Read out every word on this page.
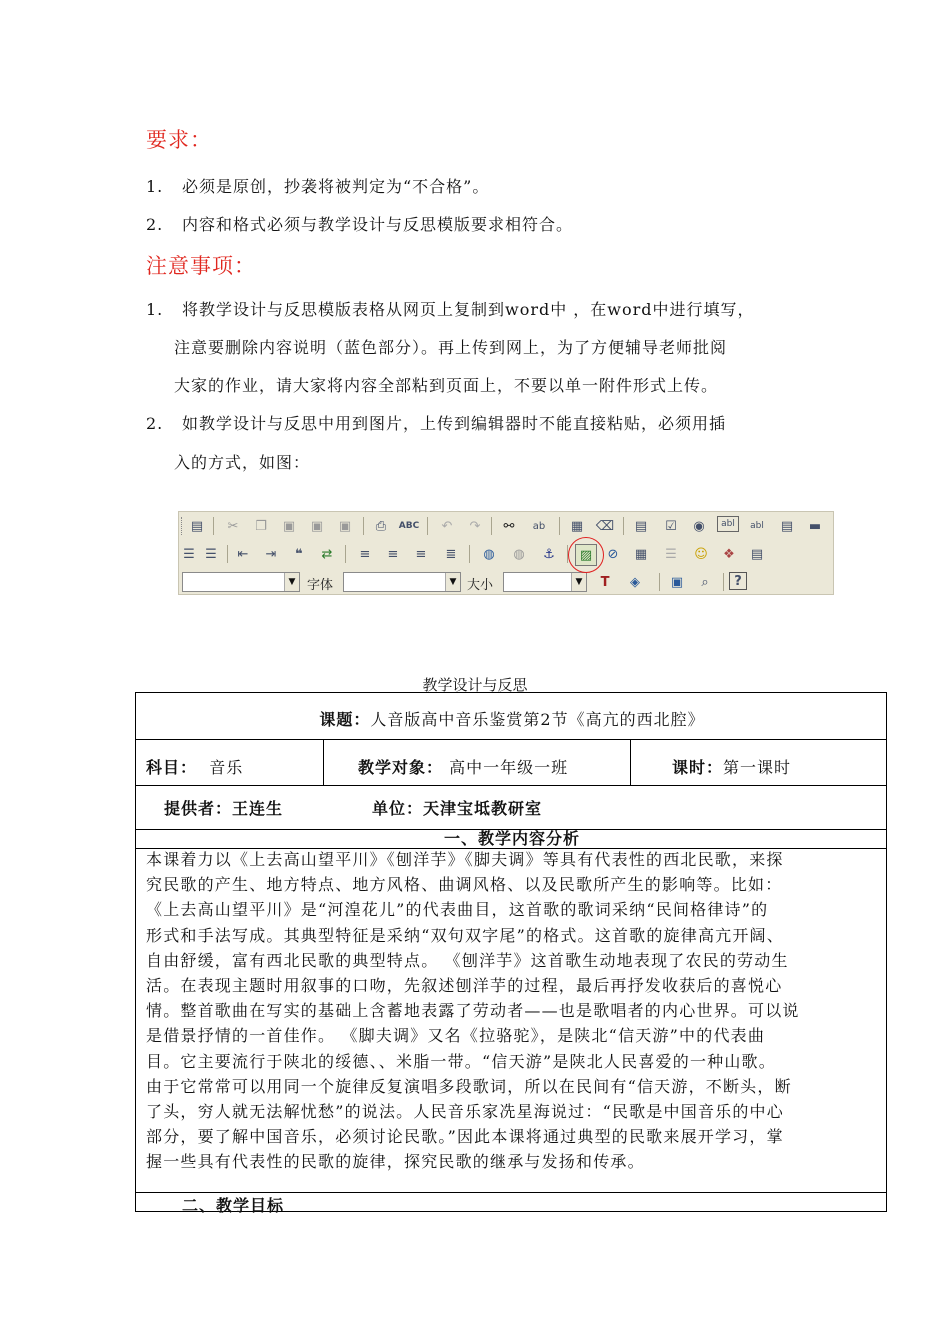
要求：
1. 必须是原创，抄袭将被判定为“不合格”。
2. 内容和格式必须与教学设计与反思模版要求相符合。
注意事项：
1. 将教学设计与反思模版表格从网页上复制到word中 ，在word中进行填写，
注意要删除内容说明（蓝色部分）。再上传到网上，为了方便辅导老师批阅
大家的作业，请大家将内容全部粘到页面上，不要以单一附件形式上传。
2. 如教学设计与反思中用到图片，上传到编辑器时不能直接粘贴，必须用插
入的方式，如图：
▤	✂	❐	▣ ▣ ▣	⎙	ABC	↶	↷	⚯	ab ▦ ⌫ ▤	☑	◉	abl	abl ▤ ▬
☰ ☰	⇤	⇥	❝	⇄	≡	≡	≡	≣	◍	◍	⚓	▨	⊘	▦	☰	☺	❖	▤
▼ 字体	▼ 大小	▼	T	◈	▣	⌕	?
教学设计与反思
课题：人音版高中音乐鉴赏第2节《高亢的西北腔》
科目： 音乐	教学对象： 高中一年级一班	课时：第一课时
提供者：王连生	单位：天津宝坻教研室
一、教学内容分析
本课着力以《上去高山望平川》《刨洋芋》《脚夫调》等具有代表性的西北民歌，来探
究民歌的产生、地方特点、地方风格、曲调风格、以及民歌所产生的影响等。比如：
《上去高山望平川》是“河湟花儿”的代表曲目，这首歌的歌词采纳“民间格律诗”的
形式和手法写成。其典型特征是采纳“双句双字尾”的格式。这首歌的旋律高亢开阔、
自由舒缓，富有西北民歌的典型特点。 《刨洋芋》这首歌生动地表现了农民的劳动生
活。在表现主题时用叙事的口吻，先叙述刨洋芋的过程，最后再抒发收获后的喜悦心
情。整首歌曲在写实的基础上含蓄地表露了劳动者——也是歌唱者的内心世界。可以说
是借景抒情的一首佳作。 《脚夫调》又名《拉骆驼》，是陕北“信天游”中的代表曲
目。它主要流行于陕北的绥德、、米脂一带。“信天游”是陕北人民喜爱的一种山歌。
由于它常常可以用同一个旋律反复演唱多段歌词，所以在民间有“信天游，不断头，断
了头，穷人就无法解忧愁”的说法。人民音乐家冼星海说过：“民歌是中国音乐的中心
部分，要了解中国音乐，必须讨论民歌。”因此本课将通过典型的民歌来展开学习，掌
握一些具有代表性的民歌的旋律，探究民歌的继承与发扬和传承。
二、教学目标
